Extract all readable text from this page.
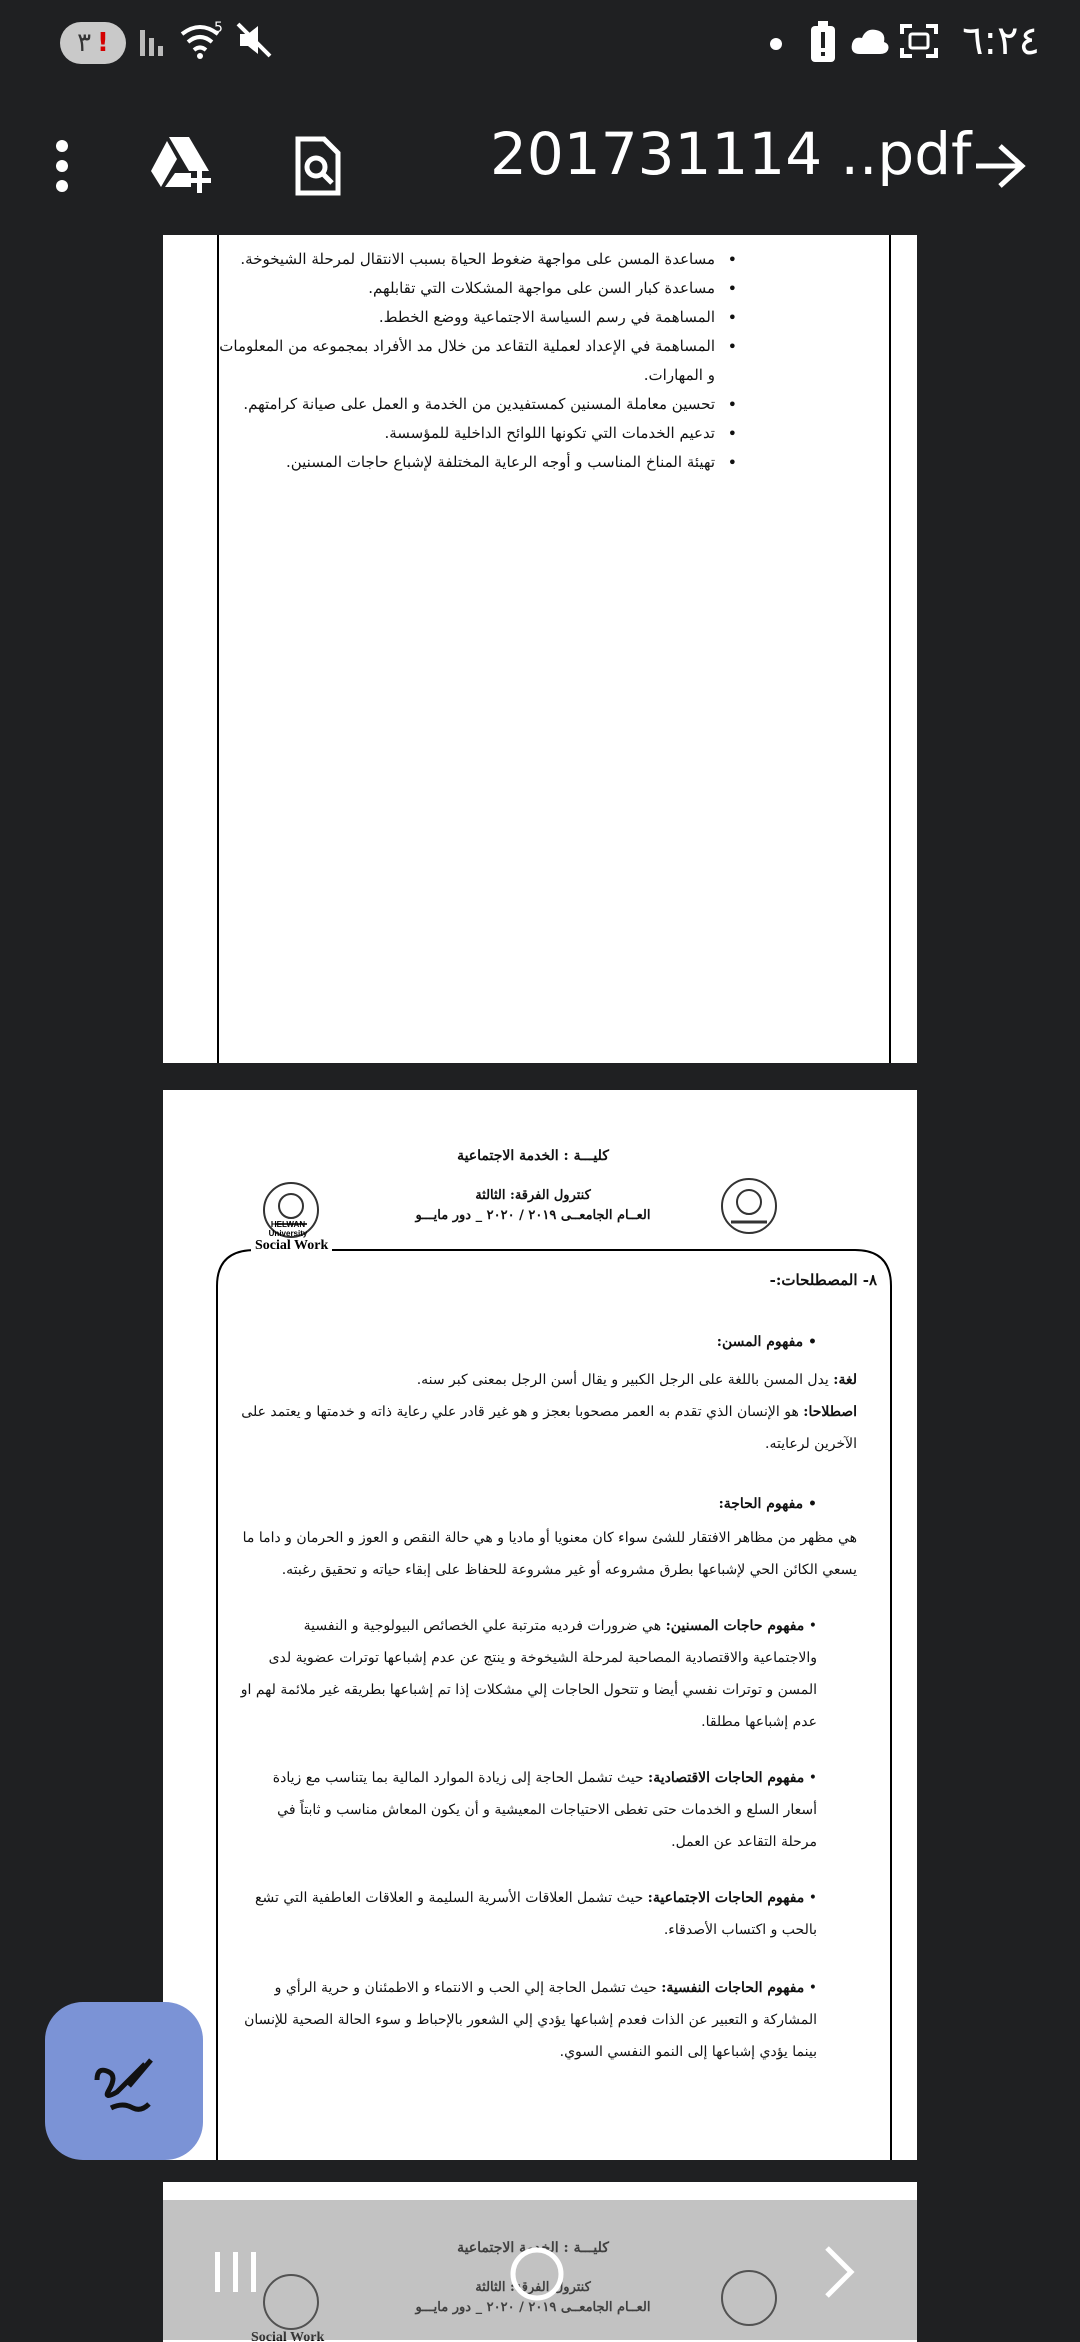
٣ !	5	٦:٢٤
201731114 ..pdf
• مساعدة المسن على مواجهة ضغوط الحياة بسبب الانتقال لمرحلة الشيخوخة.
• مساعدة كبار السن على مواجهة المشكلات التي تقابلهم.
• المساهمة في رسم السياسة الاجتماعية ووضع الخطط.
• المساهمة في الإعداد لعملية التقاعد من خلال مد الأفراد بمجموعه من المعلومات و المهارات.
• تحسين معاملة المسنين كمستفيدين من الخدمة و العمل على صيانة كرامتهم.
• تدعيم الخدمات التي تكونها اللوائح الداخلية للمؤسسة.
• تهيئة المناخ المناسب و أوجه الرعاية المختلفة لإشباع حاجات المسنين.
كليـــة : الخدمة الاجتماعية
كنترول الفرقة: الثالثة
العــام الجامعــى ٢٠١٩ / ٢٠٢٠ _ دور مايـــو
HELWAN University
Social Work

٨- المصطلحات:-

• مفهوم المسن:

لغة: يدل المسن باللغة على الرجل الكبير و يقال أسن الرجل بمعنى كبر سنه.

اصطلاحا: هو الإنسان الذي تقدم به العمر مصحوبا بعجز و هو غير قادر علي رعاية ذاته و خدمتها و يعتمد على الآخرين لرعايته.

• مفهوم الحاجة:

هي مظهر من مظاهر الافتقار للشئ سواء كان معنويا أو ماديا و هي حالة النقص و العوز و الحرمان و داما ما يسعي الكائن الحي لإشباعها بطرق مشروعه أو غير مشروعة للحفاظ على إبقاء حياته و تحقيق رغبته.

• مفهوم حاجات المسنين: هي ضرورات فرديه مترتبة علي الخصائص البيولوجية و النفسية والاجتماعية والاقتصادية المصاحبة لمرحلة الشيخوخة و ينتج عن عدم إشباعها توترات عضوية لدى المسن و توترات نفسي أيضا و تتحول الحاجات إلي مشكلات إذا تم إشباعها بطريقه غير ملائمة لهم او عدم إشباعها مطلقا.

• مفهوم الحاجات الاقتصادية: حيث تشمل الحاجة إلى زيادة الموارد المالية بما يتناسب مع زيادة أسعار السلع و الخدمات حتى تغطى الاحتياجات المعيشية و أن يكون المعاش مناسب و ثابتاً في مرحلة التقاعد عن العمل.

• مفهوم الحاجات الاجتماعية: حيث تشمل العلاقات الأسرية السليمة و العلاقات العاطفية التي تشع بالحب و اكتساب الأصدقاء.

• مفهوم الحاجات النفسية: حيث تشمل الحاجة إلي الحب و الانتماء و الاطمئنان و حرية الرأي و المشاركة و التعبير عن الذات فعدم إشباعها يؤدي إلي الشعور بالإحباط و سوء الحالة الصحية للإنسان بينما يؤدي إشباعها إلى النمو النفسي السوي.

كليـــة : الخدمة الاجتماعية
كنترول الفرقة: الثالثة
العــام الجامعــى ٢٠١٩ / ٢٠٢٠ _ دور مايـــو
Social Work
